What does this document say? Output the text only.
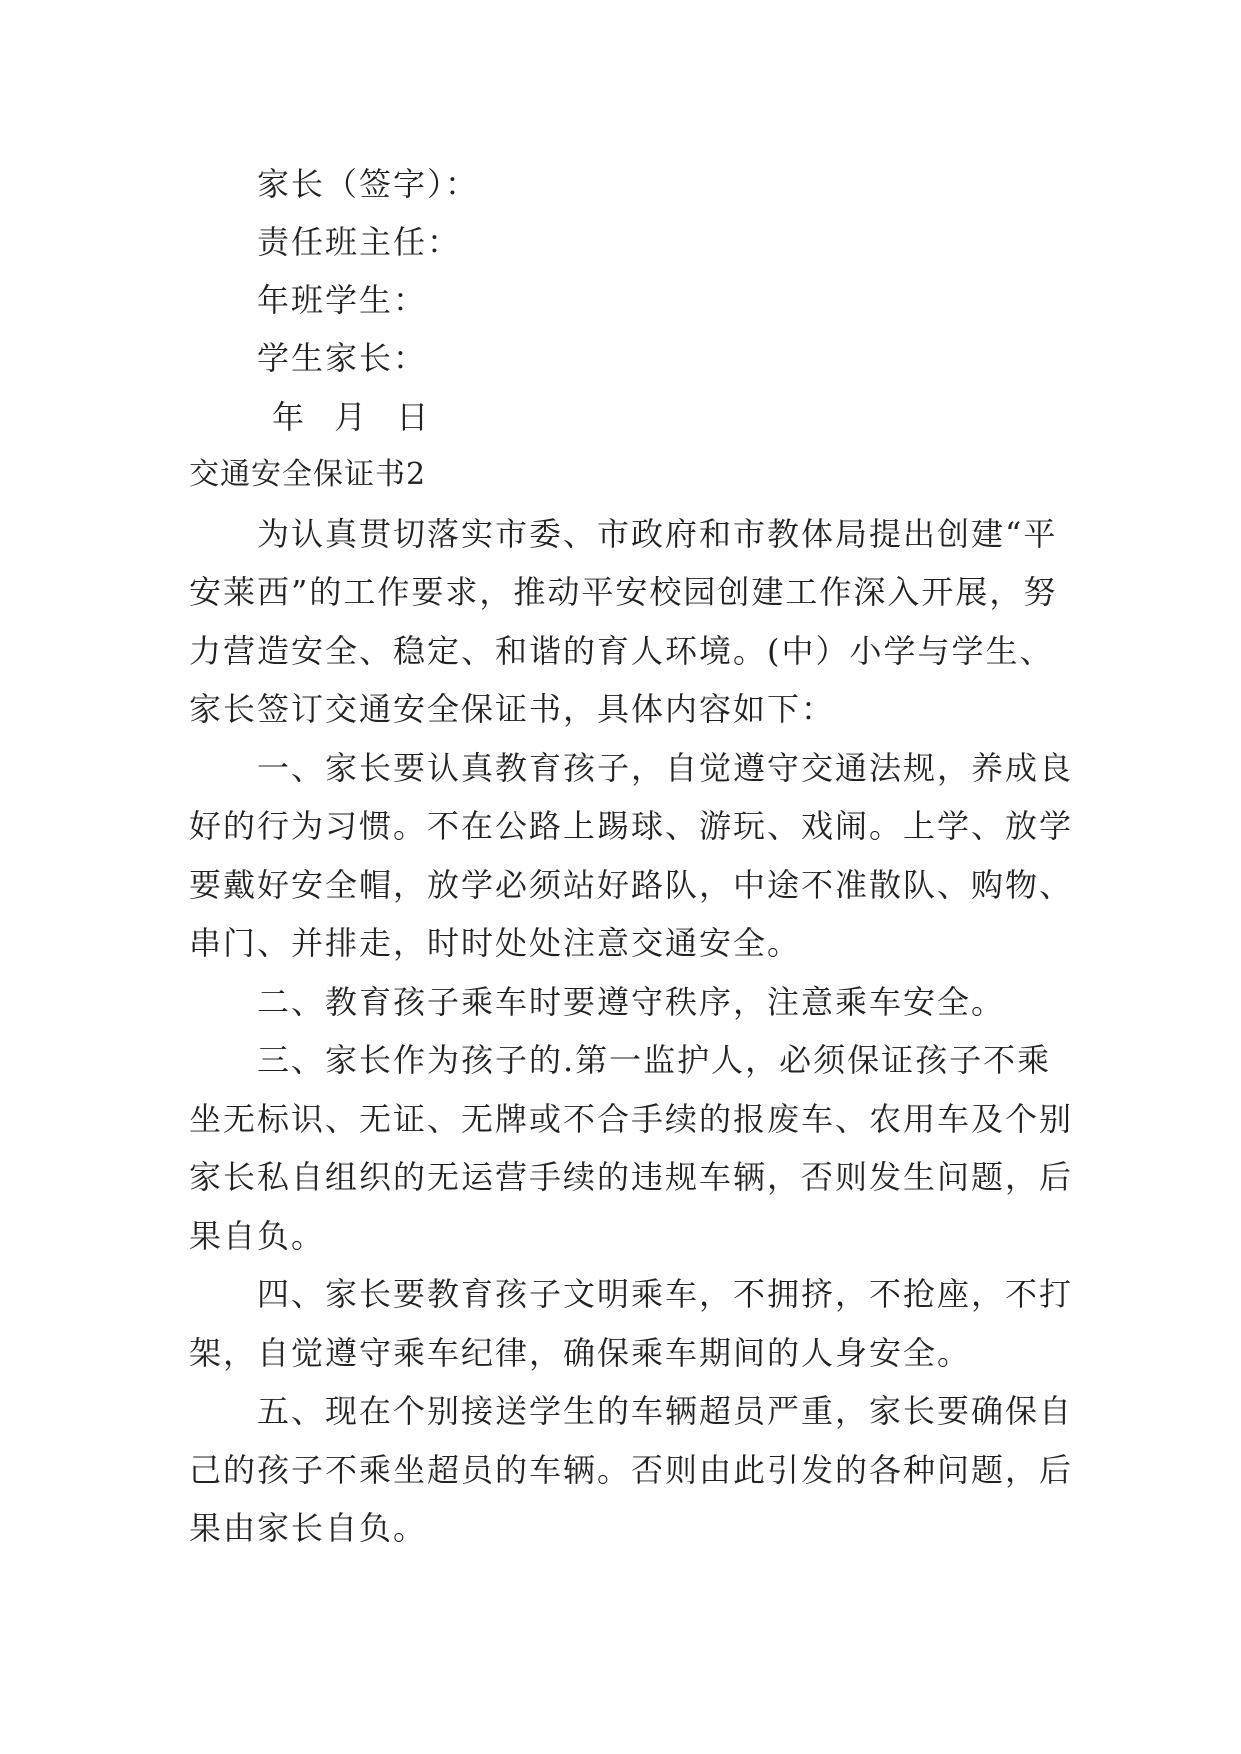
家长（签字）：

责任班主任：

年班学生：

学生家长：

年 月 日

交通安全保证书2

为认真贯切落实市委、市政府和市教体局提出创建“平

安莱西”的工作要求，推动平安校园创建工作深入开展，努

力营造安全、稳定、和谐的育人环境。(中）小学与学生、

家长签订交通安全保证书，具体内容如下：

一、家长要认真教育孩子，自觉遵守交通法规，养成良

好的行为习惯。不在公路上踢球、游玩、戏闹。上学、放学

要戴好安全帽，放学必须站好路队，中途不准散队、购物、

串门、并排走，时时处处注意交通安全。

二、教育孩子乘车时要遵守秩序，注意乘车安全。

三、家长作为孩子的.第一监护人，必须保证孩子不乘

坐无标识、无证、无牌或不合手续的报废车、农用车及个别

家长私自组织的无运营手续的违规车辆，否则发生问题，后

果自负。

四、家长要教育孩子文明乘车，不拥挤，不抢座，不打

架，自觉遵守乘车纪律，确保乘车期间的人身安全。

五、现在个别接送学生的车辆超员严重，家长要确保自

己的孩子不乘坐超员的车辆。否则由此引发的各种问题，后

果由家长自负。
